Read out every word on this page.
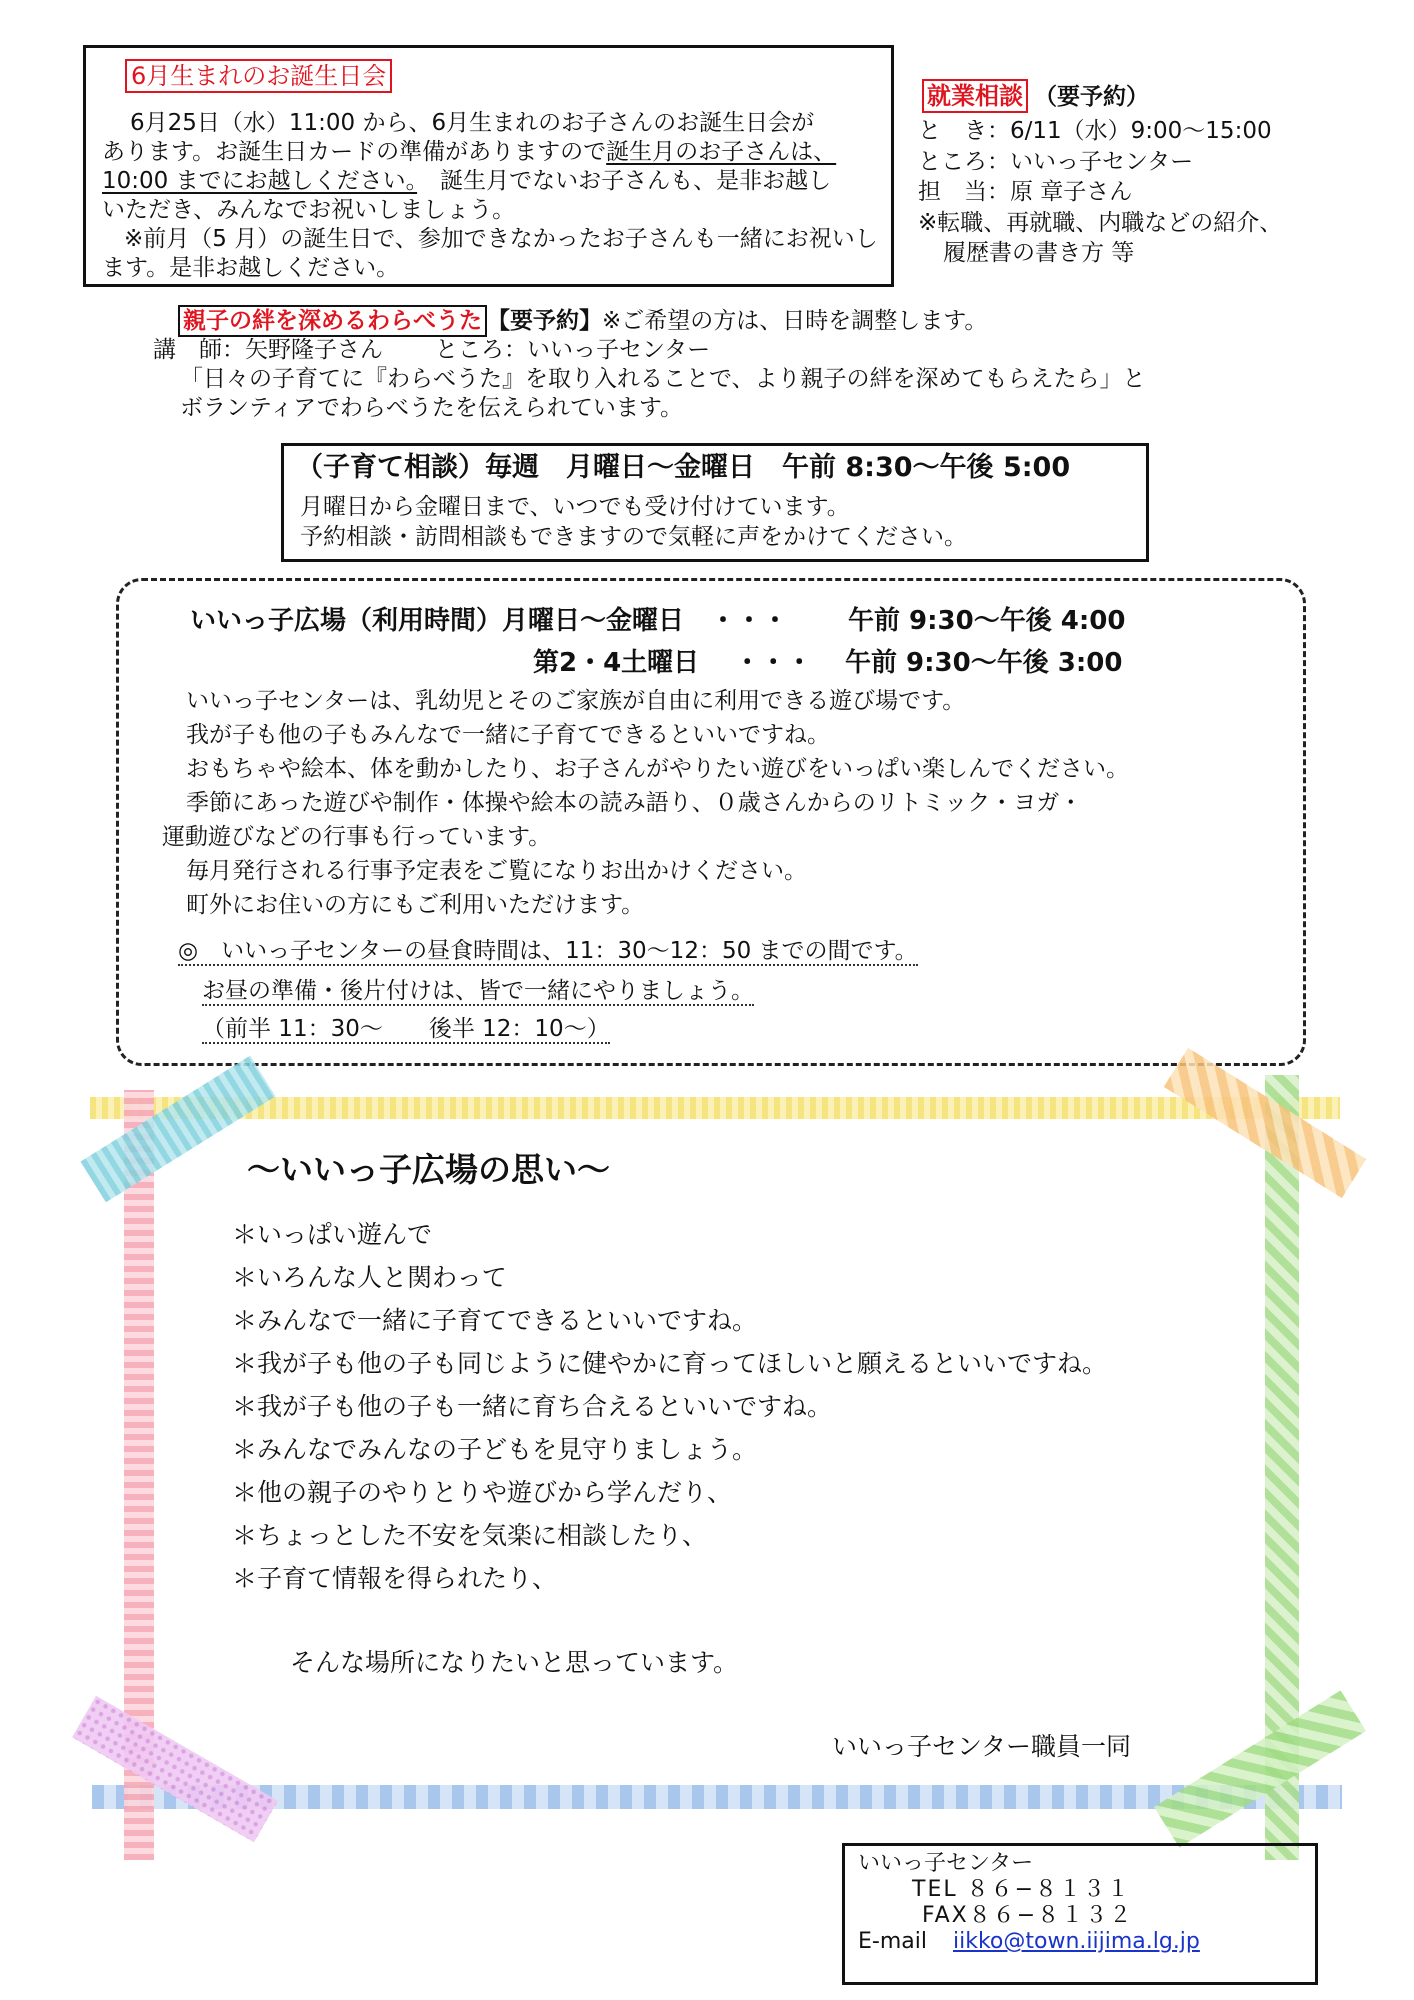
6月生まれのお誕生日会
6月25日（水）11:00 から、6月生まれのお子さんのお誕生日会が
あります。お誕生日カードの準備がありますので誕生月のお子さんは、
10:00 までにお越しください。　誕生月でないお子さんも、是非お越し
いただき、みんなでお祝いしましょう。
※前月（5 月）の誕生日で、参加できなかったお子さんも一緒にお祝いし
ます。是非お越しください。
就業相談 （要予約）
と　き：6/11（水）9:00～15:00
ところ：いいっ子センター
担　当：原 章子さん
※転職、再就職、内職などの紹介、
履歴書の書き方 等
親子の絆を深めるわらべうた 【要予約】※ご希望の方は、日時を調整します。
講　師：矢野隆子さん ところ：いいっ子センター
「日々の子育てに『わらべうた』を取り入れることで、より親子の絆を深めてもらえたら」と
ボランティアでわらべうたを伝えられています。
（子育て相談）毎週　月曜日～金曜日　午前 8:30～午後 5:00
月曜日から金曜日まで、いつでも受け付けています。
予約相談・訪問相談もできますので気軽に声をかけてください。
いいっ子広場（利用時間）月曜日～金曜日　・・・ 午前 9:30～午後 4:00
第2・4土曜日　 ・・・ 午前 9:30～午後 3:00
いいっ子センターは、乳幼児とそのご家族が自由に利用できる遊び場です。
我が子も他の子もみんなで一緒に子育てできるといいですね。
おもちゃや絵本、体を動かしたり、お子さんがやりたい遊びをいっぱい楽しんでください。
季節にあった遊びや制作・体操や絵本の読み語り、０歳さんからのリトミック・ヨガ・
運動遊びなどの行事も行っています。
毎月発行される行事予定表をご覧になりお出かけください。
町外にお住いの方にもご利用いただけます。
◎　いいっ子センターの昼食時間は、11：30～12：50 までの間です。
お昼の準備・後片付けは、皆で一緒にやりましょう。
（前半 11：30～　　後半 12：10～）
～いいっ子広場の思い～
＊いっぱい遊んで
＊いろんな人と関わって
＊みんなで一緒に子育てできるといいですね。
＊我が子も他の子も同じように健やかに育ってほしいと願えるといいですね。
＊我が子も他の子も一緒に育ち合えるといいですね。
＊みんなでみんなの子どもを見守りましょう。
＊他の親子のやりとりや遊びから学んだり、
＊ちょっとした不安を気楽に相談したり、
＊子育て情報を得られたり、
そんな場所になりたいと思っています。
いいっ子センター職員一同
いいっ子センター
TEL ８６−８１３１
FAX８６−８１３２
E-mail iikko@town.iijima.lg.jp
